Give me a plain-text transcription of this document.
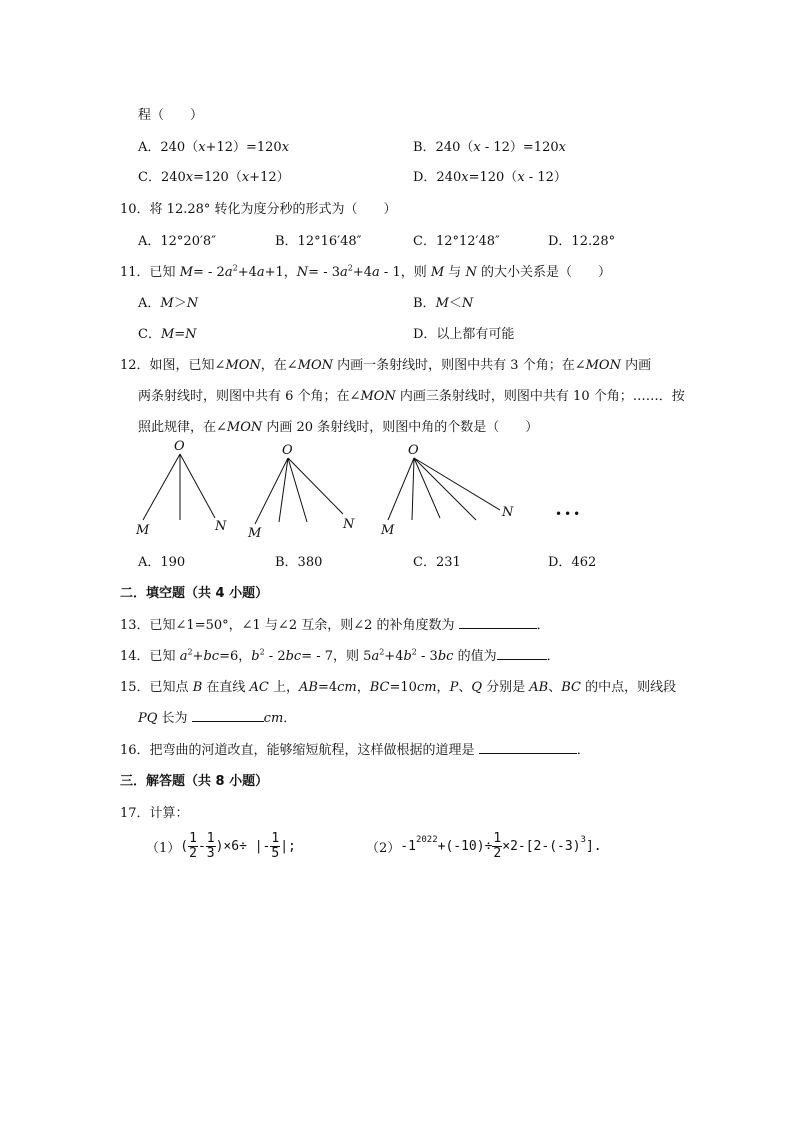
程（　　）
A．240（x+12）=120x	B．240（x - 12）=120x
C．240x=120（x+12）	D．240x=120（x - 12）
10．将 12.28° 转化为度分秒的形式为（　　）
A．12°20′8″	B．12°16′48″	C．12°12′48″	D．12.28°
11．已知 $M= - 2a^2+4a+1$，$N= - 3a^2+4a - 1$，则 M 与 N 的大小关系是（　　）
A．M＞N	B．M＜N
C．M=N	D．以上都有可能
12．如图，已知∠MON，在∠MON 内画一条射线时，则图中共有 3 个角；在∠MON 内画
两条射线时，则图中共有 6 个角；在∠MON 内画三条射线时，则图中共有 10 个角；……．按
照此规律，在∠MON 内画 20 条射线时，则图中角的个数是（　　）
O
M	N
O
M
N
O
M
N	•••
A．190	B．380	C．231	D．462
二．填空题（共 4 小题）
13．已知∠1=50°，∠1 与∠2 互余，则∠2 的补角度数为	．
14．已知 $a^2+bc=6$，$b^2 - 2bc= - 7$，则 $5a^2+4b^2 - 3bc$ 的值为	．
15．已知点 B 在直线 AC 上，AB=4cm，BC=10cm，P、Q 分别是 AB、BC 的中点，则线段
PQ 长为	cm．
16．把弯曲的河道改直，能够缩短航程，这样做根据的道理是	．
三．解答题（共 8 小题）
17．计算：
（1） ( $\frac{1}{2} - \frac{1}{3} )\times 6\div$ |- $\frac{1}{5}$ |;	（2） $-1^{2022} +(-10)\div \frac{1}{2} \times 2-[2-(-3)^3$ ].
